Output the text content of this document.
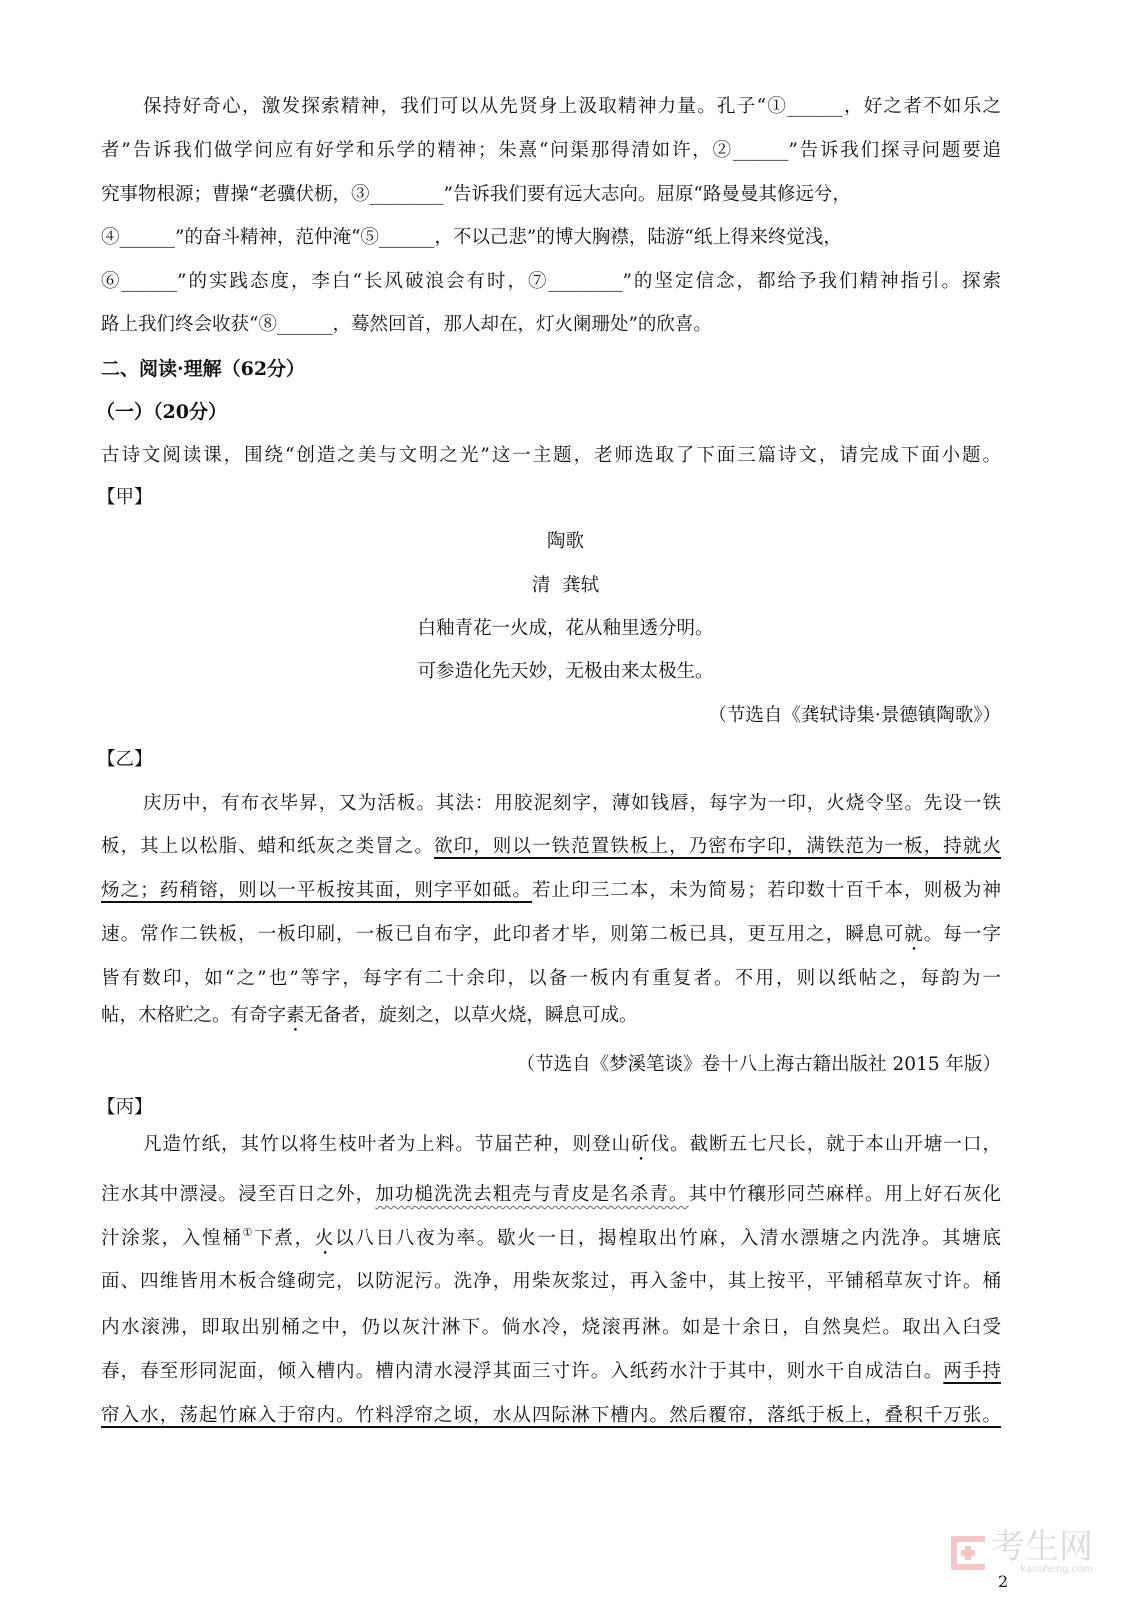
二、阅读·理解（62分）
（一）（20分）
古诗文阅读课，围绕“创造之美与文明之光”这一主题，老师选取了下面三篇诗文，请完成下面小题。
【甲】
陶歌
清  龚轼
白釉青花一火成，花从釉里透分明。
可参造化先天妙，无极由来太极生。
（节选自《龚轼诗集·景德镇陶歌》）
【乙】
（节选自《梦溪笔谈》卷十八上海古籍出版社 2015 年版）
【丙】
保持好奇心，激发探索精神，我们可以从先贤身上汲取精神力量。孔子“①______，好之者不如乐之
者”告诉我们做学问应有好学和乐学的精神；朱熹“问渠那得清如许，②______”告诉我们探寻问题要追
究事物根源；曹操“老骥伏枥，③________”告诉我们要有远大志向。屈原“路曼曼其修远兮，
④______”的奋斗精神，范仲淹“⑤______，不以己悲”的博大胸襟，陆游“纸上得来终觉浅，
⑥______”的实践态度，李白“长风破浪会有时，⑦________”的坚定信念，都给予我们精神指引。探索
路上我们终会收获“⑧______，蓦然回首，那人却在，灯火阑珊处”的欣喜。
庆历中，有布衣毕昇，又为活板。其法：用胶泥刻字，薄如钱唇，每字为一印，火烧令坚。先设一铁
板，其上以松脂、蜡和纸灰之类冒之。欲印，则以一铁范置铁板上，乃密布字印，满铁范为一板，持就火
炀之；药稍镕，则以一平板按其面，则字平如砥。若止印三二本，未为简易；若印数十百千本，则极为神
速。常作二铁板，一板印刷，一板已自布字，此印者才毕，则第二板已具，更互用之，瞬息可就。每一字
皆有数印，如“之”也”等字，每字有二十余印，以备一板内有重复者。不用，则以纸帖之，每韵为一
帖，木格贮之。有奇字素无备者，旋刻之，以草火烧，瞬息可成。
凡造竹纸，其竹以将生枝叶者为上料。节届芒种，则登山斫伐。截断五七尺长，就于本山开塘一口，
注水其中漂浸。浸至百日之外，加功槌洗洗去粗壳与青皮是名杀青。其中竹穰形同苎麻样。用上好石灰化
汁涂浆，入惶桶①下煮，火以八日八夜为率。歇火一日，揭楻取出竹麻，入清水漂塘之内洗净。其塘底
面、四维皆用木板合缝砌完，以防泥污。洗净，用柴灰浆过，再入釜中，其上按平，平铺稻草灰寸许。桶
内水滚沸，即取出别桶之中，仍以灰汁淋下。倘水冷，烧滚再淋。如是十余日，自然臭烂。取出入臼受
春，春至形同泥面，倾入槽内。槽内清水浸浮其面三寸许。入纸药水汁于其中，则水干自成洁白。两手持
帘入水，荡起竹麻入于帘内。竹料浮帘之顷，水从四际淋下槽内。然后覆帘，落纸于板上，叠积千万张。
考生网
kaosheng.com
2
